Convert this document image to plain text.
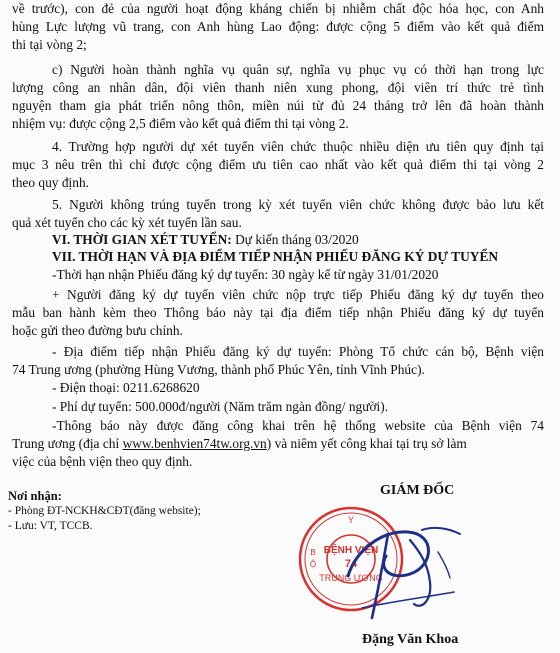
về trước), con đẻ của người hoạt động kháng chiến bị nhiễm chất độc hóa học, con Anh
hùng Lực lượng vũ trang, con Anh hùng Lao động: được cộng 5 điểm vào kết quả điểm
thi tại vòng 2;
c) Người hoàn thành nghĩa vụ quân sự, nghĩa vụ phục vụ có thời hạn trong lực
lượng công an nhân dân, đội viên thanh niên xung phong, đội viên trí thức trẻ tình
nguyện tham gia phát triển nông thôn, miền núi từ đủ 24 tháng trở lên đã hoàn thành
nhiệm vụ: được cộng 2,5 điểm vào kết quả điểm thi tại vòng 2.
4. Trường hợp người dự xét tuyển viên chức thuộc nhiều diện ưu tiên quy định tại
mục 3 nêu trên thì chỉ được cộng điểm ưu tiên cao nhất vào kết quả điểm thi tại vòng 2
theo quy định.
5. Người không trúng tuyển trong kỳ xét tuyển viên chức không được bảo lưu kết
quả xét tuyển cho các kỳ xét tuyển lần sau.
VI. THỜI GIAN XÉT TUYỂN: Dự kiến tháng 03/2020
VII. THỜI HẠN VÀ ĐỊA ĐIỂM TIẾP NHẬN PHIẾU ĐĂNG KÝ DỰ TUYỂN
-Thời hạn nhận Phiếu đăng ký dự tuyển: 30 ngày kể từ ngày 31/01/2020
+ Người đăng ký dự tuyển viên chức nộp trực tiếp Phiếu đăng ký dự tuyển theo
mẫu ban hành kèm theo Thông báo này tại địa điểm tiếp nhận Phiếu đăng ký dự tuyển
hoặc gửi theo đường bưu chính.
- Địa điểm tiếp nhận Phiếu đăng ký dự tuyển: Phòng Tổ chức cán bộ, Bệnh viện
74 Trung ương (phường Hùng Vương, thành phố Phúc Yên, tỉnh Vĩnh Phúc).
- Điện thoại: 0211.6268620
- Phí dự tuyển: 500.000đ/người (Năm trăm ngàn đồng/ người).
-Thông báo này được đăng công khai trên hệ thống website của Bệnh viện 74
Trung ương (địa chỉ www.benhvien74tw.org.vn) và niêm yết công khai tại trụ sở làm
việc của bệnh viện theo quy định.
Nơi nhận:
- Phòng ĐT-NCKH&CĐT(đăng website);
- Lưu: VT, TCCB.
GIÁM ĐỐC
Y
B
Ộ
BỆNH VIỆN
74
TRUNG ƯƠNG
Đặng Văn Khoa
